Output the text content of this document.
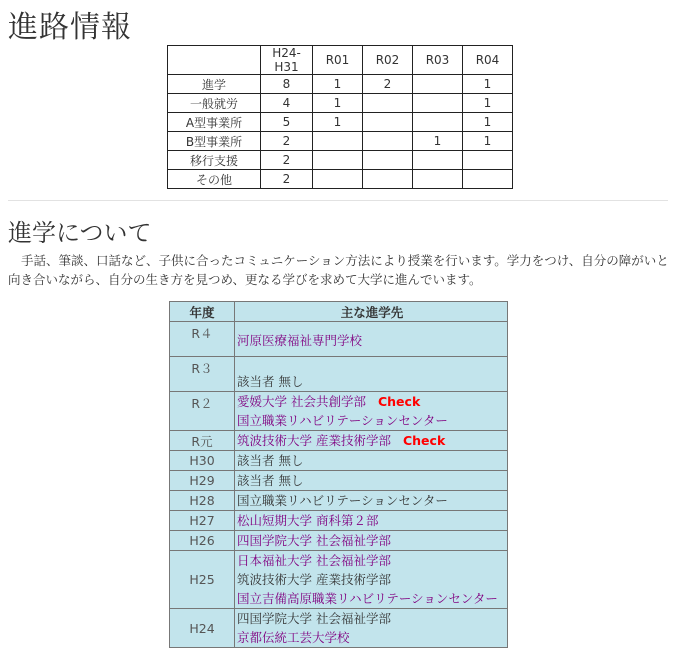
進路情報
	H24-H31	R01	R02	R03	R04
進学	8	1	2		1
一般就労	4	1			1
A型事業所	5	1			1
B型事業所	2			1	1
移行支援	2				
その他	2				
進学について

手話、筆談、口話など、子供に合ったコミュニケーション方法により授業を行います。学力をつけ、自分の障がいと向き合いながら、自分の生き方を見つめ、更なる学びを求めて大学に進んでいます。

年度	主な進学先
R４	河原医療福祉専門学校

R３	該当者 無し

R２	愛媛大学 社会共創学部 Check
国立職業リハビリテーションセンター

R元	筑波技術大学 産業技術学部 Check

H30	該当者 無し

H29	該当者 無し

H28	国立職業リハビリテーションセンター

H27	松山短期大学 商科第２部

H26	四国学院大学 社会福祉学部

H25	日本福祉大学 社会福祉学部
筑波技術大学 産業技術学部
国立吉備高原職業リハビリテーションセンター

H24	四国学院大学 社会福祉学部
京都伝統工芸大学校
